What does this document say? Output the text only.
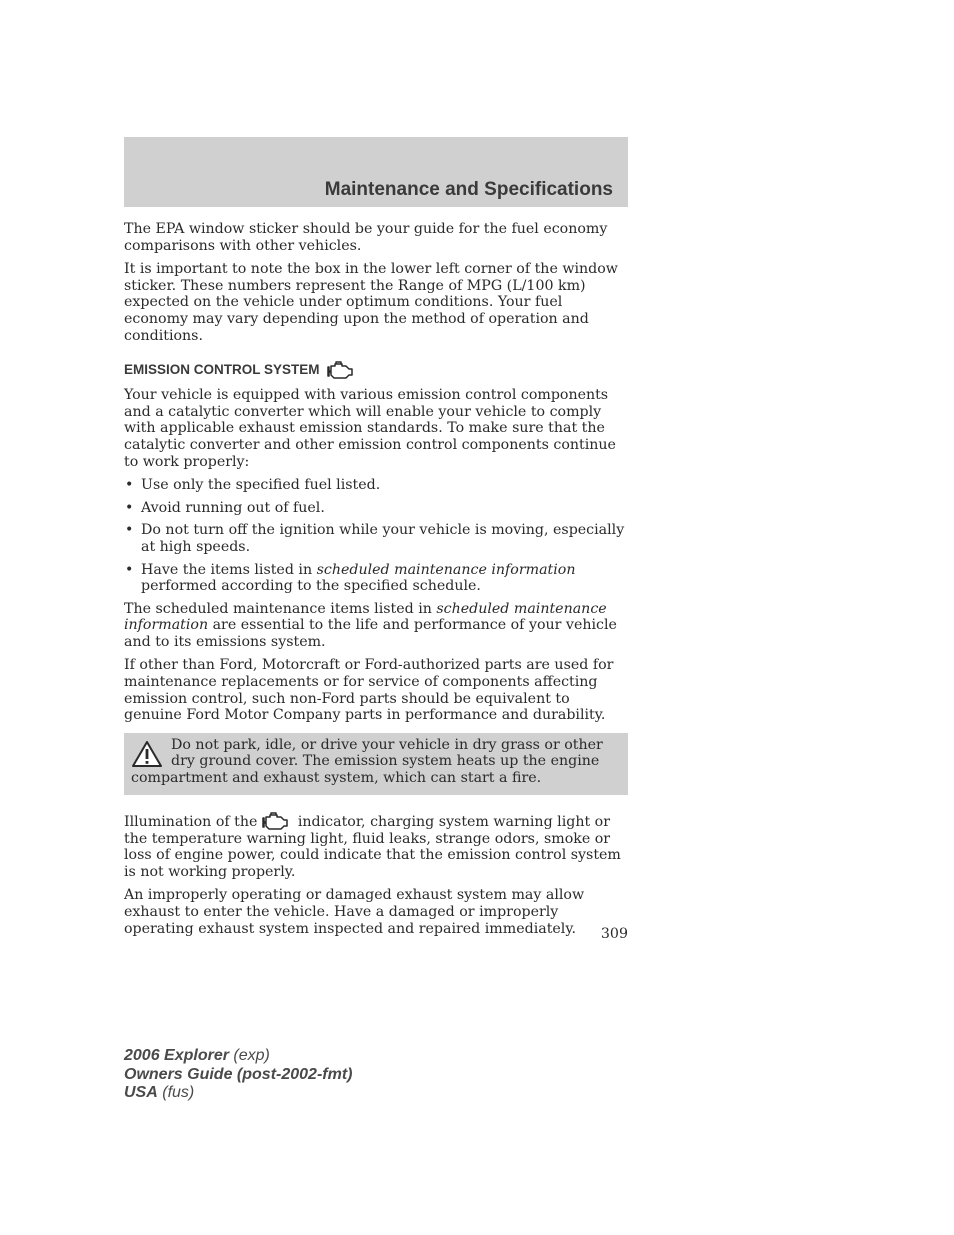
Maintenance and Specifications

The EPA window sticker should be your guide for the fuel economy comparisons with other vehicles.

It is important to note the box in the lower left corner of the window sticker. These numbers represent the Range of MPG (L/100 km) expected on the vehicle under optimum conditions. Your fuel economy may vary depending upon the method of operation and conditions.

EMISSION CONTROL SYSTEM

Your vehicle is equipped with various emission control components and a catalytic converter which will enable your vehicle to comply with applicable exhaust emission standards. To make sure that the catalytic converter and other emission control components continue to work properly:

• Use only the specified fuel listed.
• Avoid running out of fuel.
• Do not turn off the ignition while your vehicle is moving, especially at high speeds.
• Have the items listed in scheduled maintenance information performed according to the specified schedule.

The scheduled maintenance items listed in scheduled maintenance information are essential to the life and performance of your vehicle and to its emissions system.

If other than Ford, Motorcraft or Ford-authorized parts are used for maintenance replacements or for service of components affecting emission control, such non-Ford parts should be equivalent to genuine Ford Motor Company parts in performance and durability.

Do not park, idle, or drive your vehicle in dry grass or other dry ground cover. The emission system heats up the engine compartment and exhaust system, which can start a fire.

Illumination of the	indicator, charging system warning light or the temperature warning light, fluid leaks, strange odors, smoke or loss of engine power, could indicate that the emission control system is not working properly.

An improperly operating or damaged exhaust system may allow exhaust to enter the vehicle. Have a damaged or improperly operating exhaust system inspected and repaired immediately.	309
2006 Explorer (exp)
Owners Guide (post-2002-fmt)
USA (fus)
